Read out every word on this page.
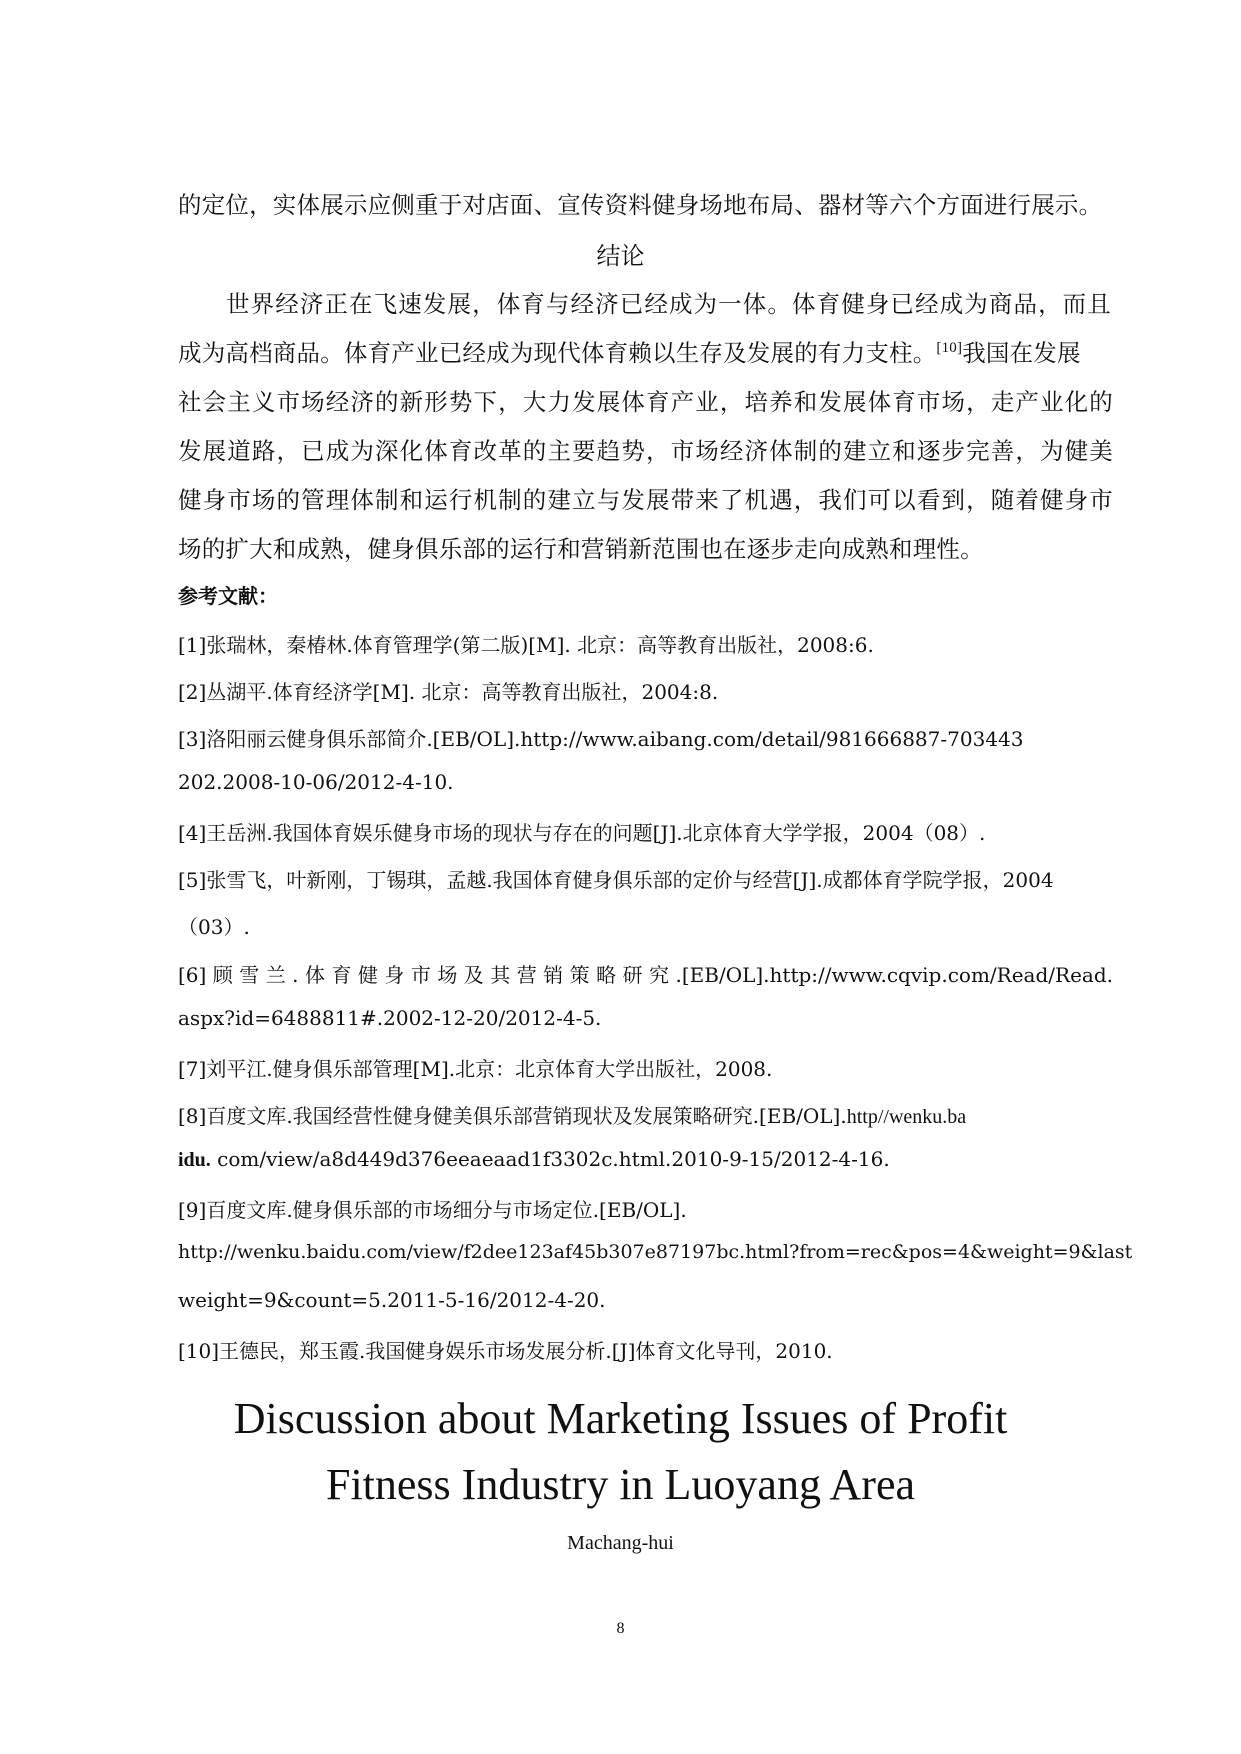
的定位，实体展示应侧重于对店面、宣传资料健身场地布局、器材等六个方面进行展示。
结论
世界经济正在飞速发展，体育与经济已经成为一体。体育健身已经成为商品，而且
成为高档商品。体育产业已经成为现代体育赖以生存及发展的有力支柱。[10]我国在发展
社会主义市场经济的新形势下，大力发展体育产业，培养和发展体育市场，走产业化的
发展道路，已成为深化体育改革的主要趋势，市场经济体制的建立和逐步完善，为健美
健身市场的管理体制和运行机制的建立与发展带来了机遇，我们可以看到，随着健身市
场的扩大和成熟，健身俱乐部的运行和营销新范围也在逐步走向成熟和理性。
参考文献：
[1]张瑞林，秦椿林.体育管理学(第二版)[M]. 北京：高等教育出版社，2008:6.
[2]丛湖平.体育经济学[M]. 北京：高等教育出版社，2004:8.
[3]洛阳丽云健身俱乐部简介.[EB/OL].http://www.aibang.com/detail/981666887-703443
202.2008-10-06/2012-4-10.
[4]王岳洲.我国体育娱乐健身市场的现状与存在的问题[J].北京体育大学学报，2004（08）.
[5]张雪飞，叶新刚，丁锡琪，孟越.我国体育健身俱乐部的定价与经营[J].成都体育学院学报，2004
（03）.
[6]顾雪兰.体育健身市场及其营销策略研究.[EB/OL].http://www.cqvip.com/Read/Read.
aspx?id=6488811#.2002-12-20/2012-4-5.
[7]刘平江.健身俱乐部管理[M].北京：北京体育大学出版社，2008.
[8]百度文库.我国经营性健身健美俱乐部营销现状及发展策略研究.[EB/OL].http//wenku.ba
idu. com/view/a8d449d376eeaeaad1f3302c.html.2010-9-15/2012-4-16.
[9]百度文库.健身俱乐部的市场细分与市场定位.[EB/OL].
http://wenku.baidu.com/view/f2dee123af45b307e87197bc.html?from=rec&pos=4&weight=9&last
weight=9&count=5.2011-5-16/2012-4-20.
[10]王德民，郑玉霞.我国健身娱乐市场发展分析.[J]体育文化导刊，2010.
Discussion about Marketing Issues of Profit
Fitness Industry in Luoyang Area
Machang-hui
8
